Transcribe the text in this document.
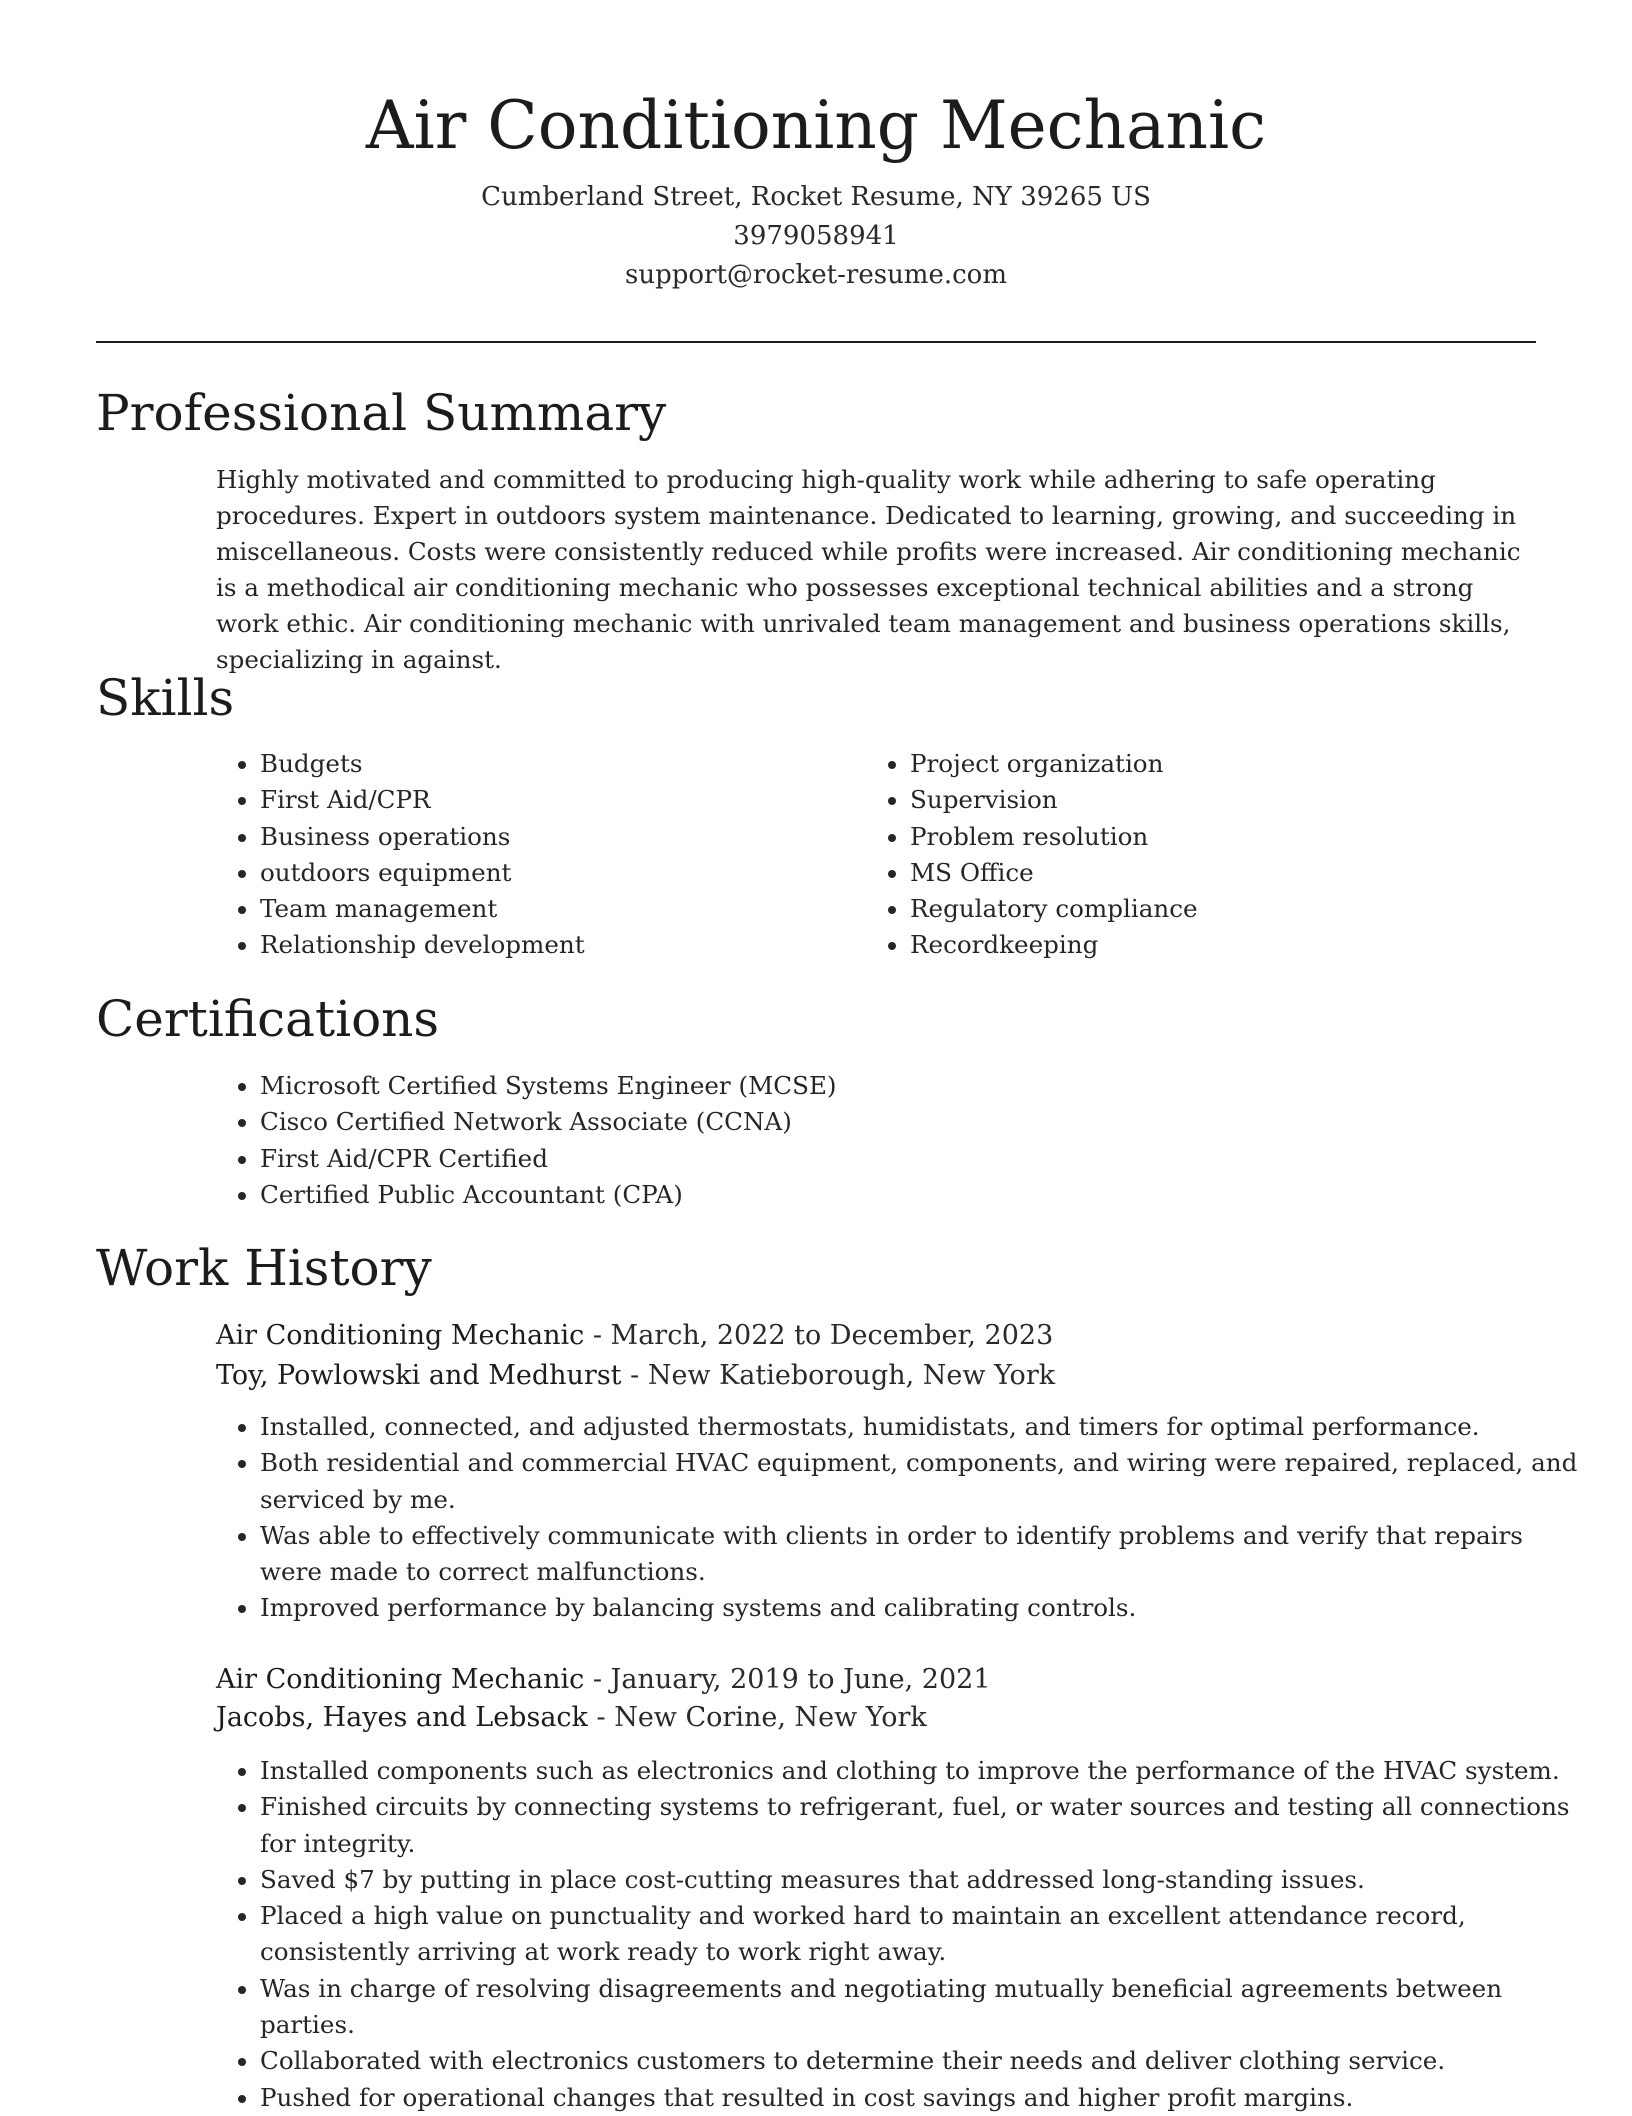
Air Conditioning Mechanic
Cumberland Street, Rocket Resume, NY 39265 US
3979058941
support@rocket-resume.com
Professional Summary

Highly motivated and committed to producing high-quality work while adhering to safe operating procedures. Expert in outdoors system maintenance. Dedicated to learning, growing, and succeeding in miscellaneous. Costs were consistently reduced while profits were increased. Air conditioning mechanic is a methodical air conditioning mechanic who possesses exceptional technical abilities and a strong work ethic. Air conditioning mechanic with unrivaled team management and business operations skills, specializing in against.

Skills
• Budgets
• First Aid/CPR
• Business operations
• outdoors equipment
• Team management
• Relationship development
• Project organization
• Supervision
• Problem resolution
• MS Office
• Regulatory compliance
• Recordkeeping
Certifications
• Microsoft Certified Systems Engineer (MCSE)
• Cisco Certified Network Associate (CCNA)
• First Aid/CPR Certified
• Certified Public Accountant (CPA)
Work History
Air Conditioning Mechanic - March, 2022 to December, 2023
Toy, Powlowski and Medhurst - New Katieborough, New York
• Installed, connected, and adjusted thermostats, humidistats, and timers for optimal performance.
• Both residential and commercial HVAC equipment, components, and wiring were repaired, replaced, and serviced by me.
• Was able to effectively communicate with clients in order to identify problems and verify that repairs were made to correct malfunctions.
• Improved performance by balancing systems and calibrating controls.
Air Conditioning Mechanic - January, 2019 to June, 2021
Jacobs, Hayes and Lebsack - New Corine, New York
• Installed components such as electronics and clothing to improve the performance of the HVAC system.
• Finished circuits by connecting systems to refrigerant, fuel, or water sources and testing all connections for integrity.
• Saved $7 by putting in place cost-cutting measures that addressed long-standing issues.
• Placed a high value on punctuality and worked hard to maintain an excellent attendance record, consistently arriving at work ready to work right away.
• Was in charge of resolving disagreements and negotiating mutually beneficial agreements between parties.
• Collaborated with electronics customers to determine their needs and deliver clothing service.
• Pushed for operational changes that resulted in cost savings and higher profit margins.
